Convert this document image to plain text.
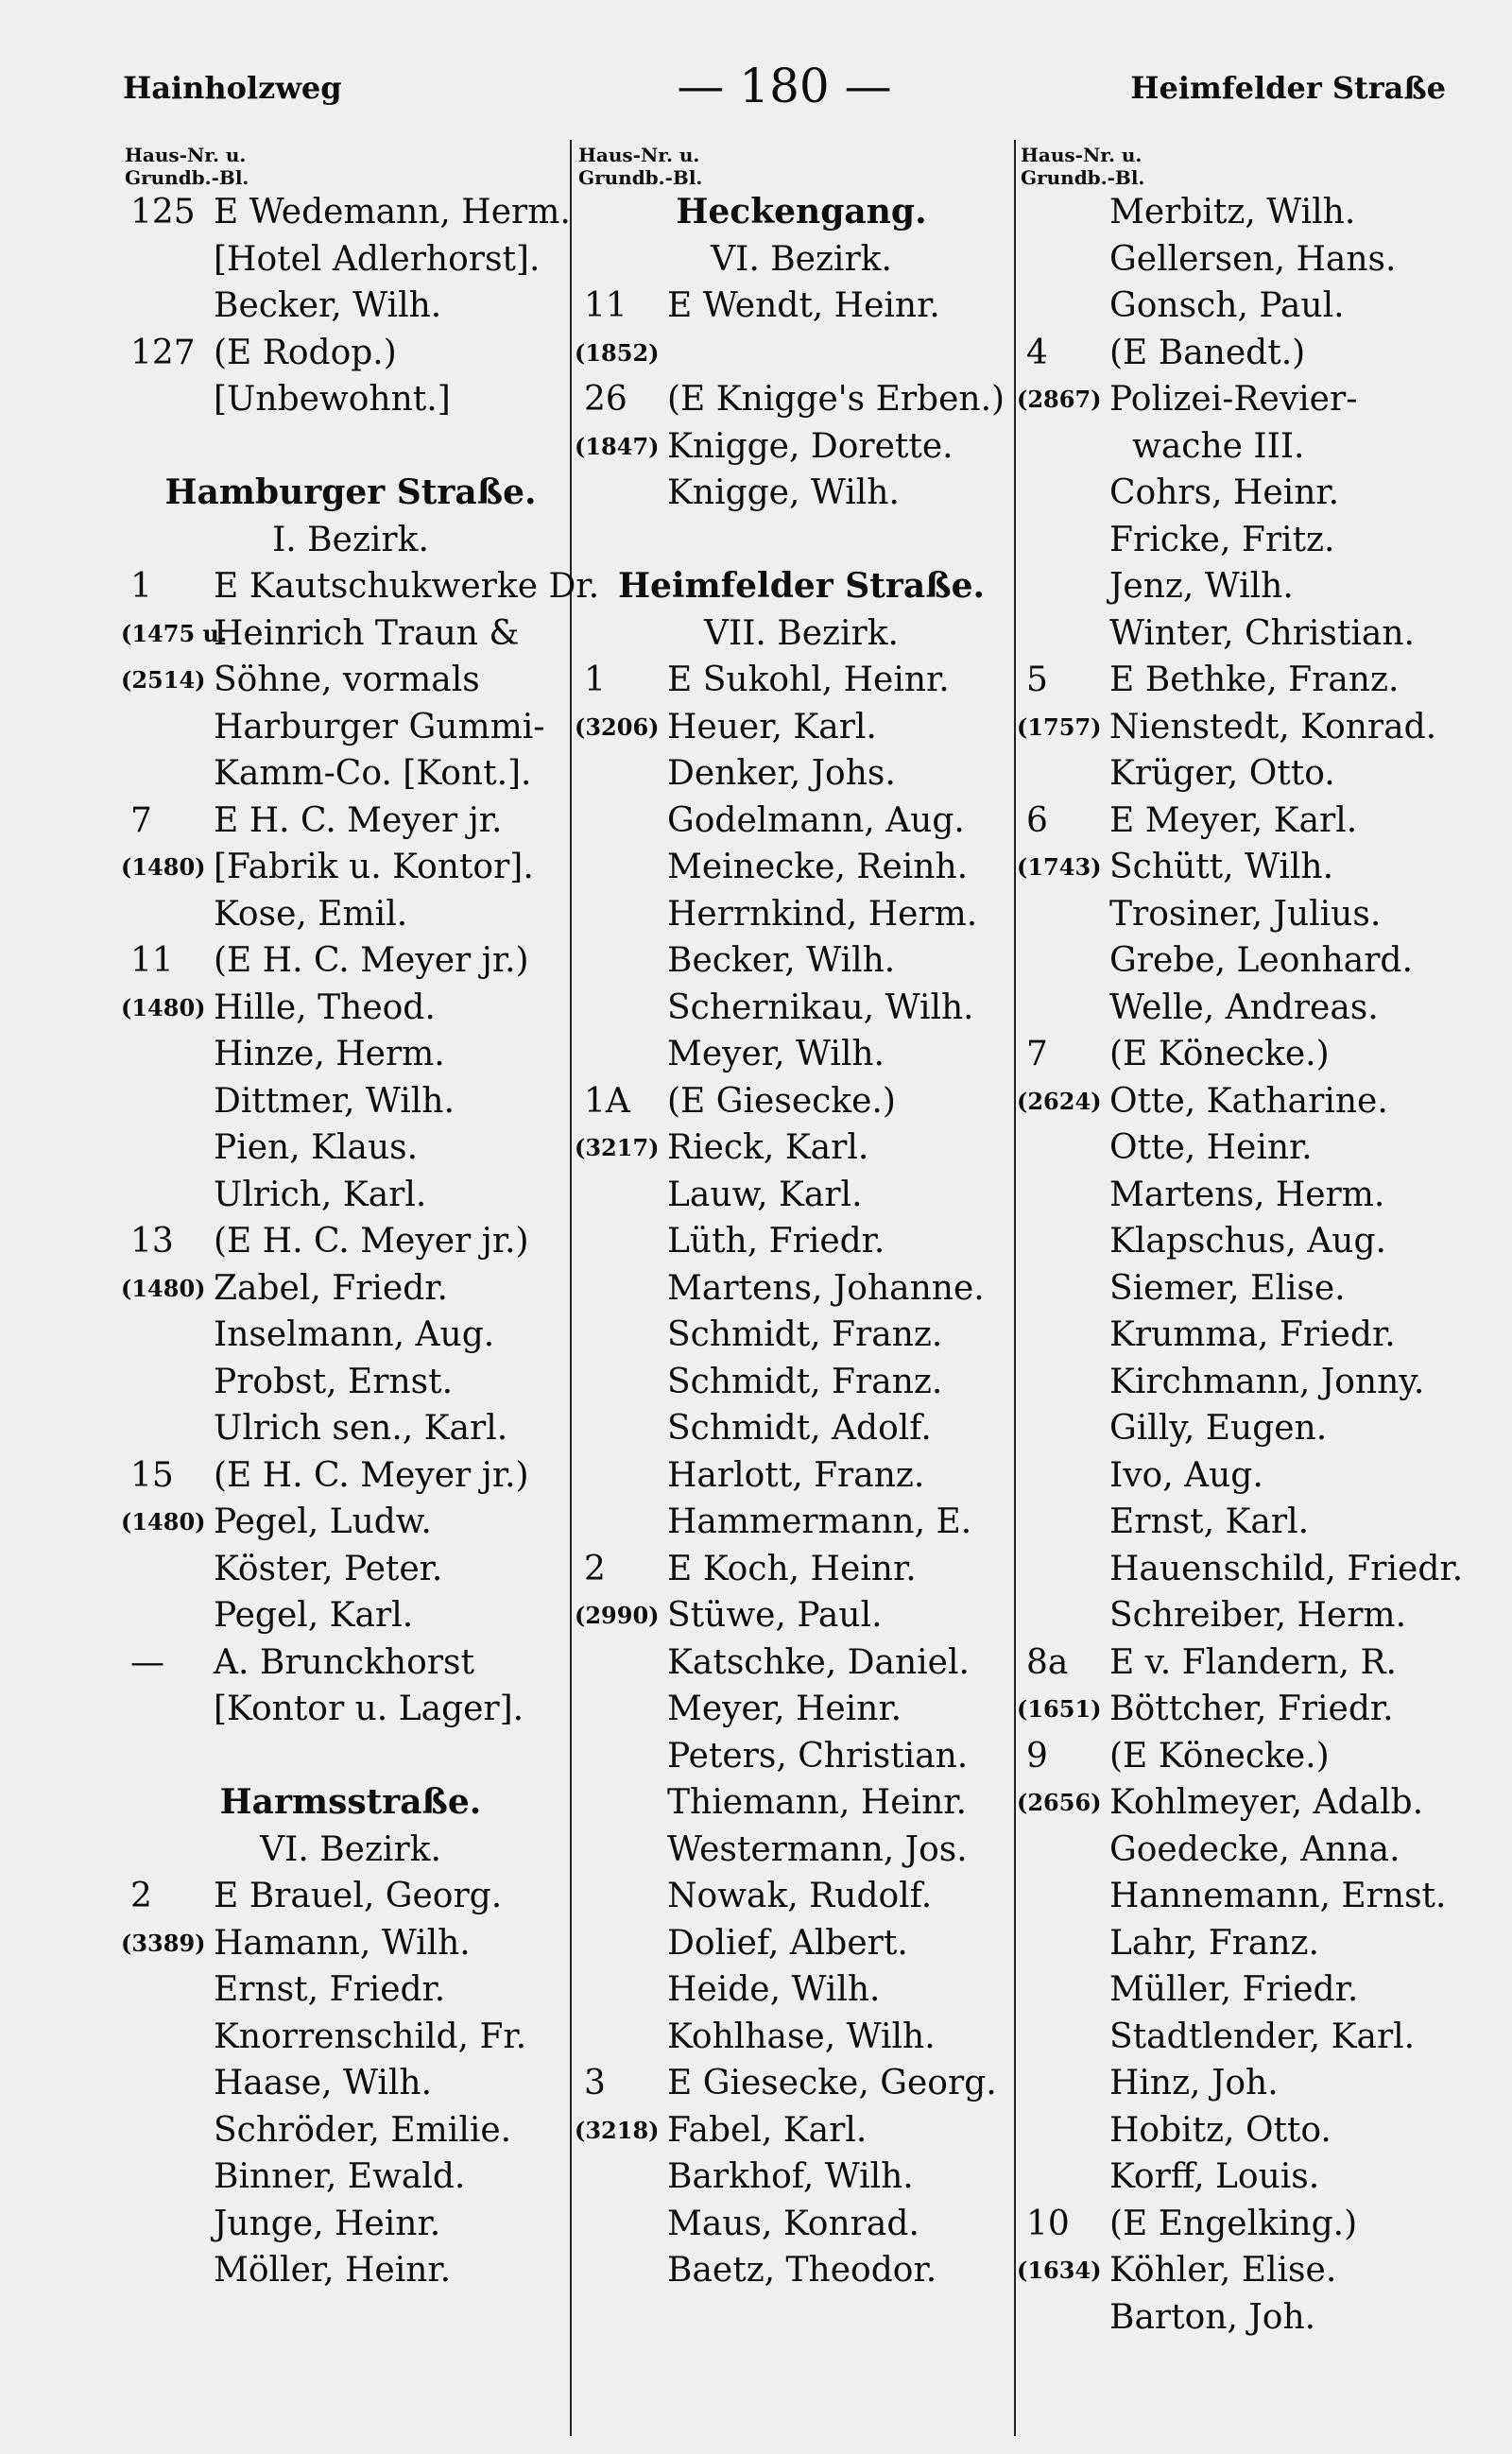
Hainholzweg	— 180 —	Heimfelder Straße
Haus-Nr. u.
Grundb.-Bl.
125 E Wedemann, Herm.
[Hotel Adlerhorst].
Becker, Wilh.
127 (E Rodop.)
[Unbewohnt.]
Hamburger Straße.
I. Bezirk.
1	E Kautschukwerke Dr.
(1475 u.
Heinrich Traun &
(2514) Söhne, vormals
Harburger Gummi-
Kamm-Co. [Kont.].
7	E H. C. Meyer jr.
(1480) [Fabrik u. Kontor].
Kose, Emil.
11	(E H. C. Meyer jr.)
(1480) Hille, Theod.
Hinze, Herm.
Dittmer, Wilh.
Pien, Klaus.
Ulrich, Karl.
13	(E H. C. Meyer jr.)
(1480) Zabel, Friedr.
Inselmann, Aug.
Probst, Ernst.
Ulrich sen., Karl.
15	(E H. C. Meyer jr.)
(1480) Pegel, Ludw.
Köster, Peter.
Pegel, Karl.
—	A. Brunckhorst
[Kontor u. Lager].
Harmsstraße.
VI. Bezirk.
2	E Brauel, Georg.
(3389) Hamann, Wilh.
Ernst, Friedr.
Knorrenschild, Fr.
Haase, Wilh.
Schröder, Emilie.
Binner, Ewald.
Junge, Heinr.
Möller, Heinr.
Haus-Nr. u.
Grundb.-Bl.
Heckengang.
VI. Bezirk.
11	E Wendt, Heinr.
(1852)
26	(E Knigge's Erben.)
(1847) Knigge, Dorette.
Knigge, Wilh.
Heimfelder Straße.
VII. Bezirk.
1	E Sukohl, Heinr.
(3206) Heuer, Karl.
Denker, Johs.
Godelmann, Aug.
Meinecke, Reinh.
Herrnkind, Herm.
Becker, Wilh.
Schernikau, Wilh.
Meyer, Wilh.
1A	(E Giesecke.)
(3217) Rieck, Karl.
Lauw, Karl.
Lüth, Friedr.
Martens, Johanne.
Schmidt, Franz.
Schmidt, Franz.
Schmidt, Adolf.
Harlott, Franz.
Hammermann, E.
2	E Koch, Heinr.
(2990) Stüwe, Paul.
Katschke, Daniel.
Meyer, Heinr.
Peters, Christian.
Thiemann, Heinr.
Westermann, Jos.
Nowak, Rudolf.
Dolief, Albert.
Heide, Wilh.
Kohlhase, Wilh.
3	E Giesecke, Georg.
(3218) Fabel, Karl.
Barkhof, Wilh.
Maus, Konrad.
Baetz, Theodor.
Haus-Nr. u.
Grundb.-Bl.
Merbitz, Wilh.
Gellersen, Hans.
Gonsch, Paul.
4	(E Banedt.)
(2867) Polizei-Revier-
wache III.
Cohrs, Heinr.
Fricke, Fritz.
Jenz, Wilh.
Winter, Christian.
5	E Bethke, Franz.
(1757) Nienstedt, Konrad.
Krüger, Otto.
6	E Meyer, Karl.
(1743) Schütt, Wilh.
Trosiner, Julius.
Grebe, Leonhard.
Welle, Andreas.
7	(E Könecke.)
(2624) Otte, Katharine.
Otte, Heinr.
Martens, Herm.
Klapschus, Aug.
Siemer, Elise.
Krumma, Friedr.
Kirchmann, Jonny.
Gilly, Eugen.
Ivo, Aug.
Ernst, Karl.
Hauenschild, Friedr.
Schreiber, Herm.
8a	E v. Flandern, R.
(1651) Böttcher, Friedr.
9	(E Könecke.)
(2656) Kohlmeyer, Adalb.
Goedecke, Anna.
Hannemann, Ernst.
Lahr, Franz.
Müller, Friedr.
Stadtlender, Karl.
Hinz, Joh.
Hobitz, Otto.
Korff, Louis.
10	(E Engelking.)
(1634) Köhler, Elise.
Barton, Joh.
